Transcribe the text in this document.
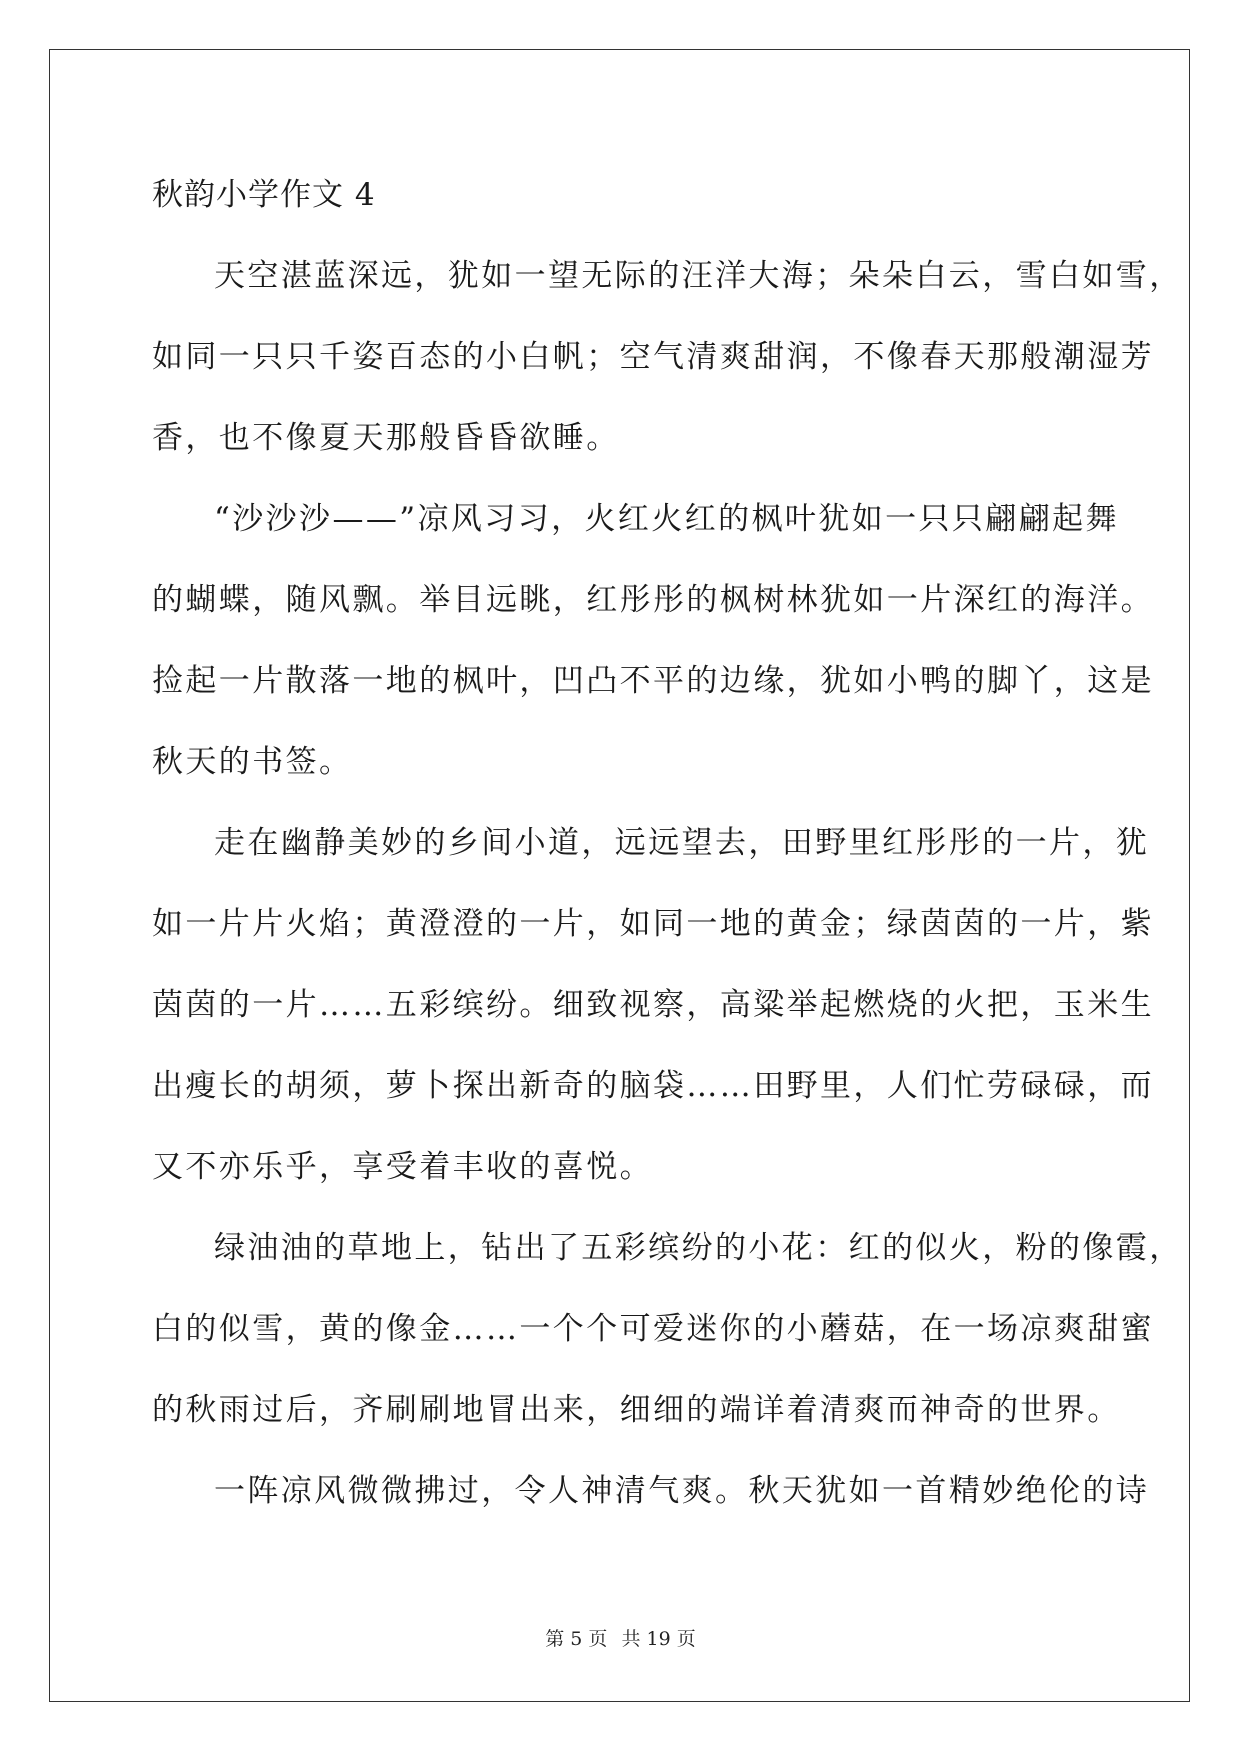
秋韵小学作文 4
天空湛蓝深远，犹如一望无际的汪洋大海；朵朵白云，雪白如雪，
如同一只只千姿百态的小白帆；空气清爽甜润，不像春天那般潮湿芳
香，也不像夏天那般昏昏欲睡。
“沙沙沙——”凉风习习，火红火红的枫叶犹如一只只翩翩起舞
的蝴蝶，随风飘。举目远眺，红彤彤的枫树林犹如一片深红的海洋。
捡起一片散落一地的枫叶，凹凸不平的边缘，犹如小鸭的脚丫，这是
秋天的书签。
走在幽静美妙的乡间小道，远远望去，田野里红彤彤的一片，犹
如一片片火焰；黄澄澄的一片，如同一地的黄金；绿茵茵的一片，紫
茵茵的一片……五彩缤纷。细致视察，高粱举起燃烧的火把，玉米生
出瘦长的胡须，萝卜探出新奇的脑袋……田野里，人们忙劳碌碌，而
又不亦乐乎，享受着丰收的喜悦。
绿油油的草地上，钻出了五彩缤纷的小花：红的似火，粉的像霞，
白的似雪，黄的像金……一个个可爱迷你的小蘑菇，在一场凉爽甜蜜
的秋雨过后，齐刷刷地冒出来，细细的端详着清爽而神奇的世界。
一阵凉风微微拂过，令人神清气爽。秋天犹如一首精妙绝伦的诗
第 5 页 共 19 页
